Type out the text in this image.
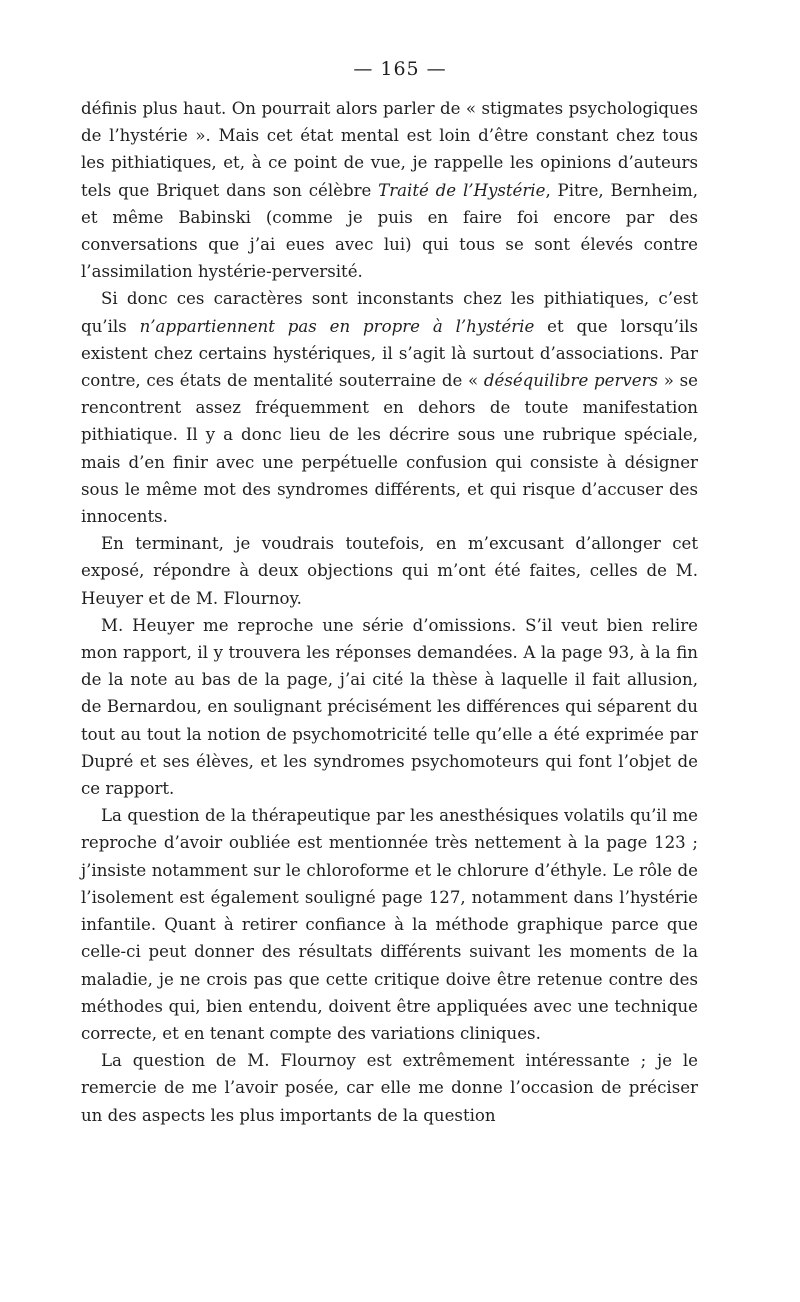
— 165 —

définis plus haut. On pourrait alors parler de « stigmates psychologiques de l’hystérie ». Mais cet état mental est loin d’être constant chez tous les pithiatiques, et, à ce point de vue, je rappelle les opinions d’auteurs tels que Briquet dans son célèbre Traité de l’Hystérie, Pitre, Bernheim, et même Babinski (comme je puis en faire foi encore par des conversations que j’ai eues avec lui) qui tous se sont élevés contre l’assimilation hystérie-perversité.

Si donc ces caractères sont inconstants chez les pithiatiques, c’est qu’ils n’appartiennent pas en propre à l’hystérie et que lorsqu’ils existent chez certains hystériques, il s’agit là surtout d’associations. Par contre, ces états de mentalité souterraine de « déséquilibre pervers » se rencontrent assez fréquemment en dehors de toute manifestation pithiatique. Il y a donc lieu de les décrire sous une rubrique spéciale, mais d’en finir avec une perpétuelle confusion qui consiste à désigner sous le même mot des syndromes différents, et qui risque d’accuser des innocents.

En terminant, je voudrais toutefois, en m’excusant d’allonger cet exposé, répondre à deux objections qui m’ont été faites, celles de M. Heuyer et de M. Flournoy.

M. Heuyer me reproche une série d’omissions. S’il veut bien relire mon rapport, il y trouvera les réponses demandées. A la page 93, à la fin de la note au bas de la page, j’ai cité la thèse à laquelle il fait allusion, de Bernardou, en soulignant précisément les différences qui séparent du tout au tout la notion de psychomotricité telle qu’elle a été exprimée par Dupré et ses élèves, et les syndromes psychomoteurs qui font l’objet de ce rapport.

La question de la thérapeutique par les anesthésiques volatils qu’il me reproche d’avoir oubliée est mentionnée très nettement à la page 123 ; j’insiste notamment sur le chloroforme et le chlorure d’éthyle. Le rôle de l’isolement est également souligné page 127, notamment dans l’hystérie infantile. Quant à retirer confiance à la méthode graphique parce que celle-ci peut donner des résultats différents suivant les moments de la maladie, je ne crois pas que cette critique doive être retenue contre des méthodes qui, bien entendu, doivent être appliquées avec une technique correcte, et en tenant compte des variations cliniques.

La question de M. Flournoy est extrêmement intéressante ; je le remercie de me l’avoir posée, car elle me donne l’occasion de préciser un des aspects les plus importants de la question
